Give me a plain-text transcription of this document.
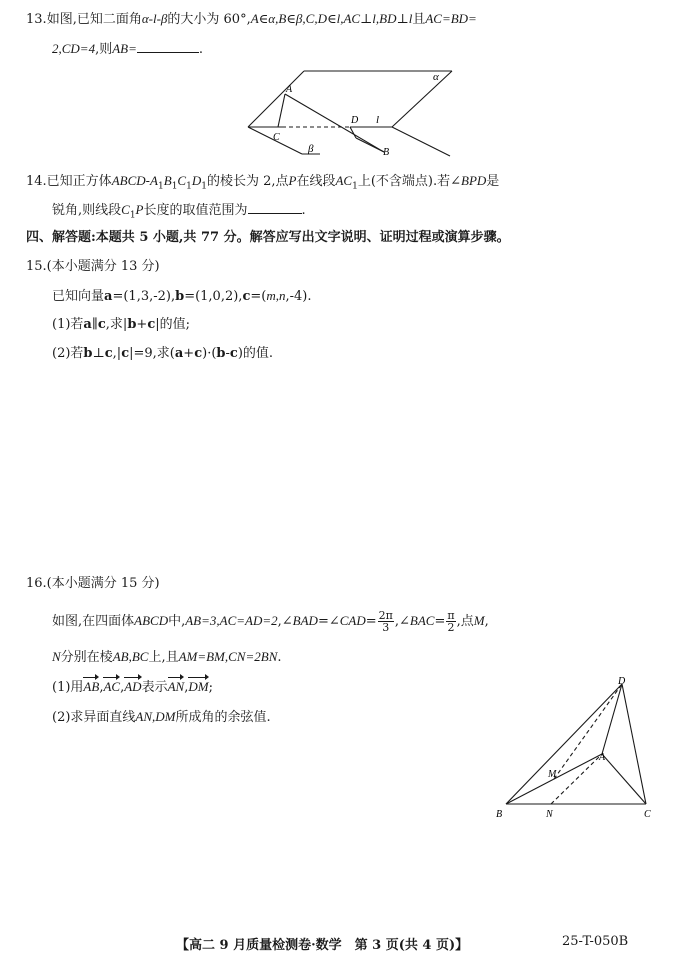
13.如图,已知二面角α-l-β的大小为 60°,A∈α,B∈β,C,D∈l,AC⊥l,BD⊥l且AC=BD=
2,CD=4,则AB=	.
α
A
D l
C
B
β
14.已知正方体ABCD-$A_1B_1C_1D_1$的棱长为 2,点P在线段$AC_1$上(不含端点).若∠BPD是
锐角,则线段$C_1P$长度的取值范围为	.
四、解答题:本题共 5 小题,共 77 分。解答应写出文字说明、证明过程或演算步骤。
15.(本小题满分 13 分)
已知向量a=(1,3,-2),b=(1,0,2),c=(m,n,-4).
(1)若a∥c,求|b+c|的值;
(2)若b⊥c,|c|=9,求(a+c)·(b-c)的值.
16.(本小题满分 15 分)
如图,在四面体ABCD中,AB=3,AC=AD=2,∠BAD=∠CAD= $\frac{2\pi}{3}$ ,∠BAC= $\frac{\pi}{2}$ ,点M,
N分别在棱AB,BC上,且AM=BM,CN=2BN.
(1)用AB,AC,AD表示AN,DM;
(2)求异面直线AN,DM所成角的余弦值.
D
A
M
B	N	C
【高二 9 月质量检测卷·数学　第 3 页(共 4 页)】	25-T-050B
